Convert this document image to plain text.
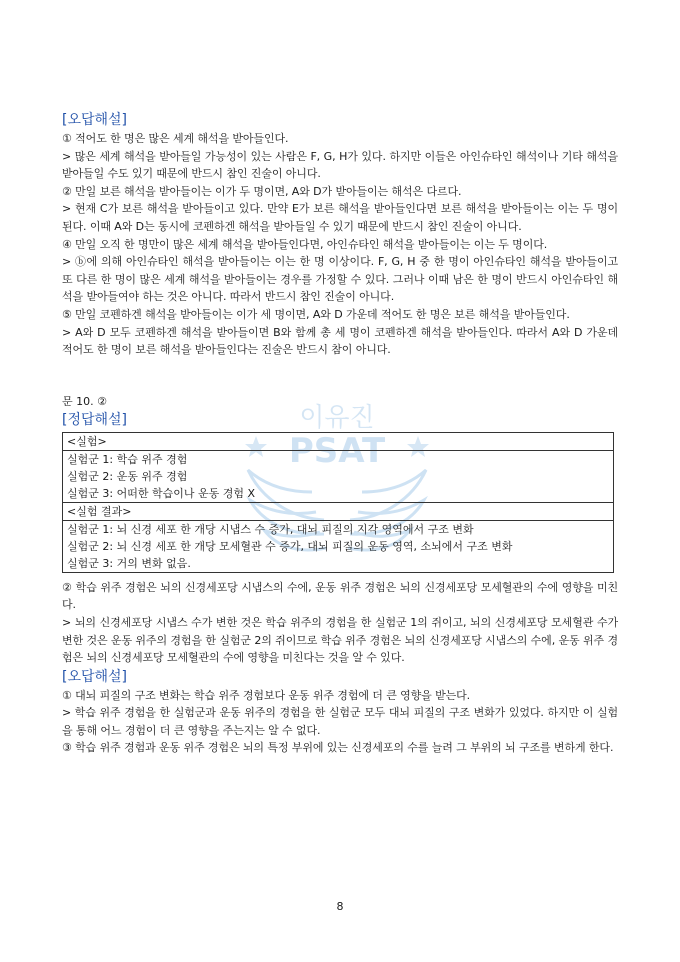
이유진
PSAT

[오답해설]

① 적어도 한 명은 많은 세계 해석을 받아들인다.

> 많은 세계 해석을 받아들일 가능성이 있는 사람은 F, G, H가 있다. 하지만 이들은 아인슈타인 해석이나 기타 해석을 받아들일 수도 있기 때문에 반드시 참인 진술이 아니다.

② 만일 보른 해석을 받아들이는 이가 두 명이면, A와 D가 받아들이는 해석은 다르다.

> 현재 C가 보른 해석을 받아들이고 있다. 만약 E가 보른 해석을 받아들인다면 보른 해석을 받아들이는 이는 두 명이 된다. 이때 A와 D는 동시에 코펜하겐 해석을 받아들일 수 있기 때문에 반드시 참인 진술이 아니다.

④ 만일 오직 한 명만이 많은 세계 해석을 받아들인다면, 아인슈타인 해석을 받아들이는 이는 두 명이다.

> ⓑ에 의해 아인슈타인 해석을 받아들이는 이는 한 명 이상이다. F, G, H 중 한 명이 아인슈타인 해석을 받아들이고 또 다른 한 명이 많은 세계 해석을 받아들이는 경우를 가정할 수 있다. 그러나 이때 남은 한 명이 반드시 아인슈타인 해석을 받아들여야 하는 것은 아니다. 따라서 반드시 참인 진술이 아니다.

⑤ 만일 코펜하겐 해석을 받아들이는 이가 세 명이면, A와 D 가운데 적어도 한 명은 보른 해석을 받아들인다.

> A와 D 모두 코펜하겐 해석을 받아들이면 B와 함께 총 세 명이 코펜하겐 해석을 받아들인다. 따라서 A와 D 가운데 적어도 한 명이 보른 해석을 받아들인다는 진술은 반드시 참이 아니다.

문 10. ②

[정답해설]

<실험>

실험군 1: 학습 위주 경험
실험군 2: 운동 위주 경험
실험군 3: 어떠한 학습이나 운동 경험 X

<실험 결과>

실험군 1: 뇌 신경 세포 한 개당 시냅스 수 증가, 대뇌 피질의 지각 영역에서 구조 변화
실험군 2: 뇌 신경 세포 한 개당 모세혈관 수 증가, 대뇌 피질의 운동 영역, 소뇌에서 구조 변화
실험군 3: 거의 변화 없음.

② 학습 위주 경험은 뇌의 신경세포당 시냅스의 수에, 운동 위주 경험은 뇌의 신경세포당 모세혈관의 수에 영향을 미친다.

> 뇌의 신경세포당 시냅스 수가 변한 것은 학습 위주의 경험을 한 실험군 1의 쥐이고, 뇌의 신경세포당 모세혈관 수가 변한 것은 운동 위주의 경험을 한 실험군 2의 쥐이므로 학습 위주 경험은 뇌의 신경세포당 시냅스의 수에, 운동 위주 경험은 뇌의 신경세포당 모세혈관의 수에 영향을 미친다는 것을 알 수 있다.

[오답해설]

① 대뇌 피질의 구조 변화는 학습 위주 경험보다 운동 위주 경험에 더 큰 영향을 받는다.

> 학습 위주 경험을 한 실험군과 운동 위주의 경험을 한 실험군 모두 대뇌 피질의 구조 변화가 있었다. 하지만 이 실험을 통해 어느 경험이 더 큰 영향을 주는지는 알 수 없다.

③ 학습 위주 경험과 운동 위주 경험은 뇌의 특정 부위에 있는 신경세포의 수를 늘려 그 부위의 뇌 구조를 변하게 한다.

8
